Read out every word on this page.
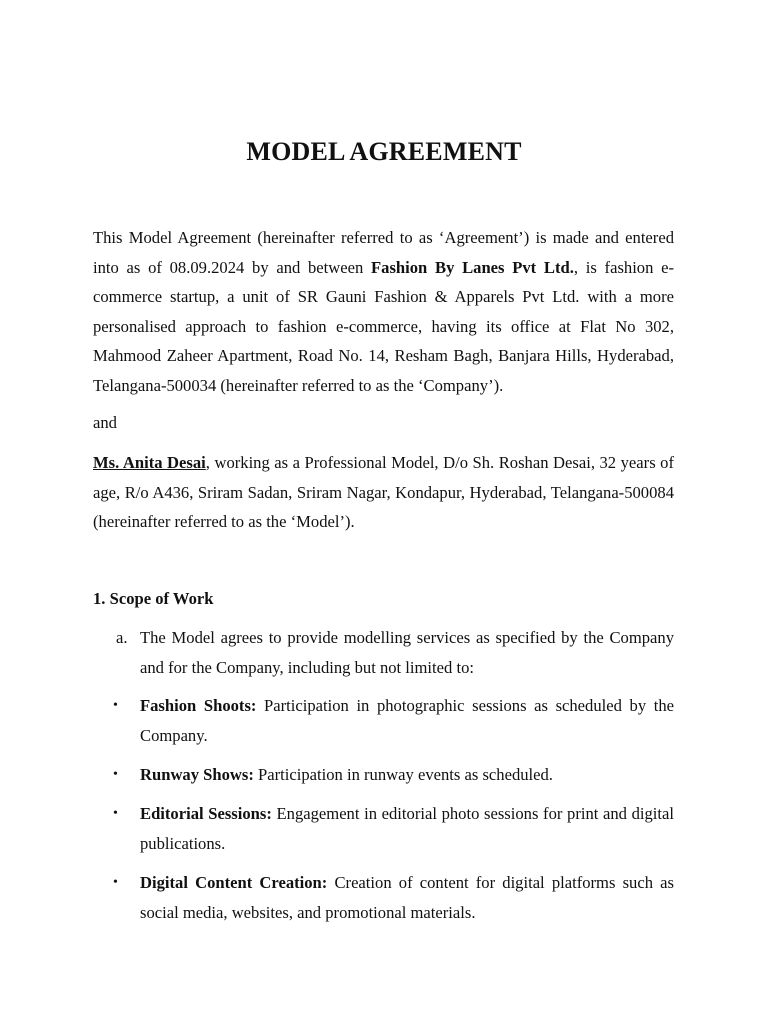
MODEL AGREEMENT

This Model Agreement (hereinafter referred to as ‘Agreement’) is made and entered into as of 08.09.2024 by and between Fashion By Lanes Pvt Ltd., is fashion e-commerce startup, a unit of SR Gauni Fashion & Apparels Pvt Ltd. with a more personalised approach to fashion e-commerce, having its office at Flat No 302, Mahmood Zaheer Apartment, Road No. 14, Resham Bagh, Banjara Hills, Hyderabad, Telangana-500034 (hereinafter referred to as the ‘Company’).

and

Ms. Anita Desai, working as a Professional Model, D/o Sh. Roshan Desai, 32 years of age, R/o A436, Sriram Sadan, Sriram Nagar, Kondapur, Hyderabad, Telangana-500084 (hereinafter referred to as the ‘Model’).

1. Scope of Work
a. The Model agrees to provide modelling services as specified by the Company and for the Company, including but not limited to:
• Fashion Shoots: Participation in photographic sessions as scheduled by the Company.
• Runway Shows: Participation in runway events as scheduled.
• Editorial Sessions: Engagement in editorial photo sessions for print and digital publications.
• Digital Content Creation: Creation of content for digital platforms such as social media, websites, and promotional materials.
